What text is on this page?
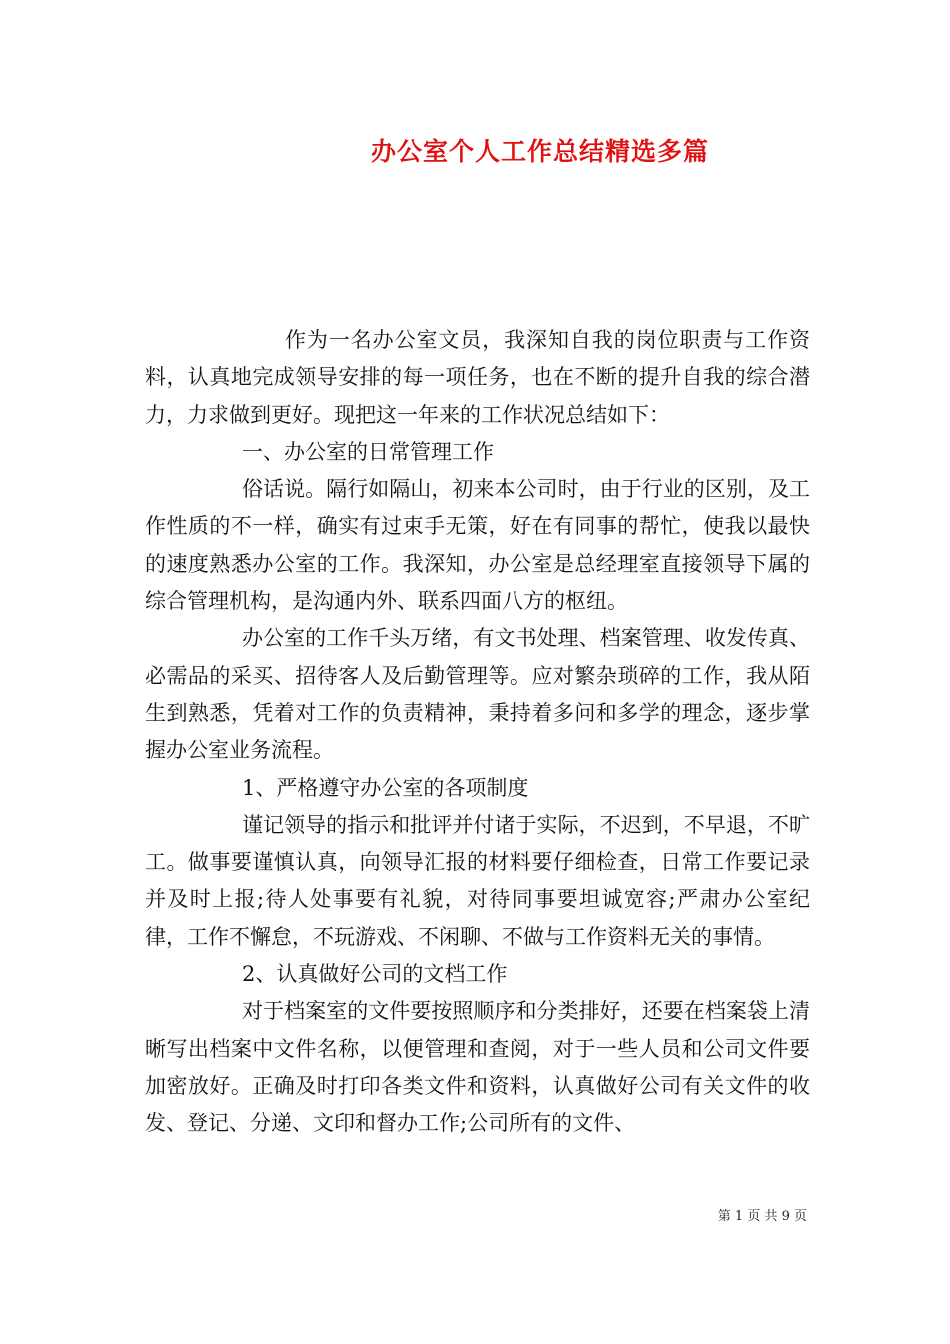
办公室个人工作总结精选多篇

作为一名办公室文员，我深知自我的岗位职责与工作资料，认真地完成领导安排的每一项任务，也在不断的提升自我的综合潜力，力求做到更好。现把这一年来的工作状况总结如下：

一、办公室的日常管理工作

俗话说。隔行如隔山，初来本公司时，由于行业的区别，及工作性质的不一样，确实有过束手无策，好在有同事的帮忙，使我以最快的速度熟悉办公室的工作。我深知，办公室是总经理室直接领导下属的综合管理机构，是沟通内外、联系四面八方的枢纽。

办公室的工作千头万绪，有文书处理、档案管理、收发传真、必需品的采买、招待客人及后勤管理等。应对繁杂琐碎的工作，我从陌生到熟悉，凭着对工作的负责精神，秉持着多问和多学的理念，逐步掌握办公室业务流程。

1、严格遵守办公室的各项制度

谨记领导的指示和批评并付诸于实际，不迟到，不早退，不旷工。做事要谨慎认真，向领导汇报的材料要仔细检查，日常工作要记录并及时上报;待人处事要有礼貌，对待同事要坦诚宽容;严肃办公室纪律，工作不懈怠，不玩游戏、不闲聊、不做与工作资料无关的事情。

2、认真做好公司的文档工作

对于档案室的文件要按照顺序和分类排好，还要在档案袋上清晰写出档案中文件名称，以便管理和查阅，对于一些人员和公司文件要加密放好。正确及时打印各类文件和资料，认真做好公司有关文件的收发、登记、分递、文印和督办工作;公司所有的文件、

第 1 页 共 9 页
